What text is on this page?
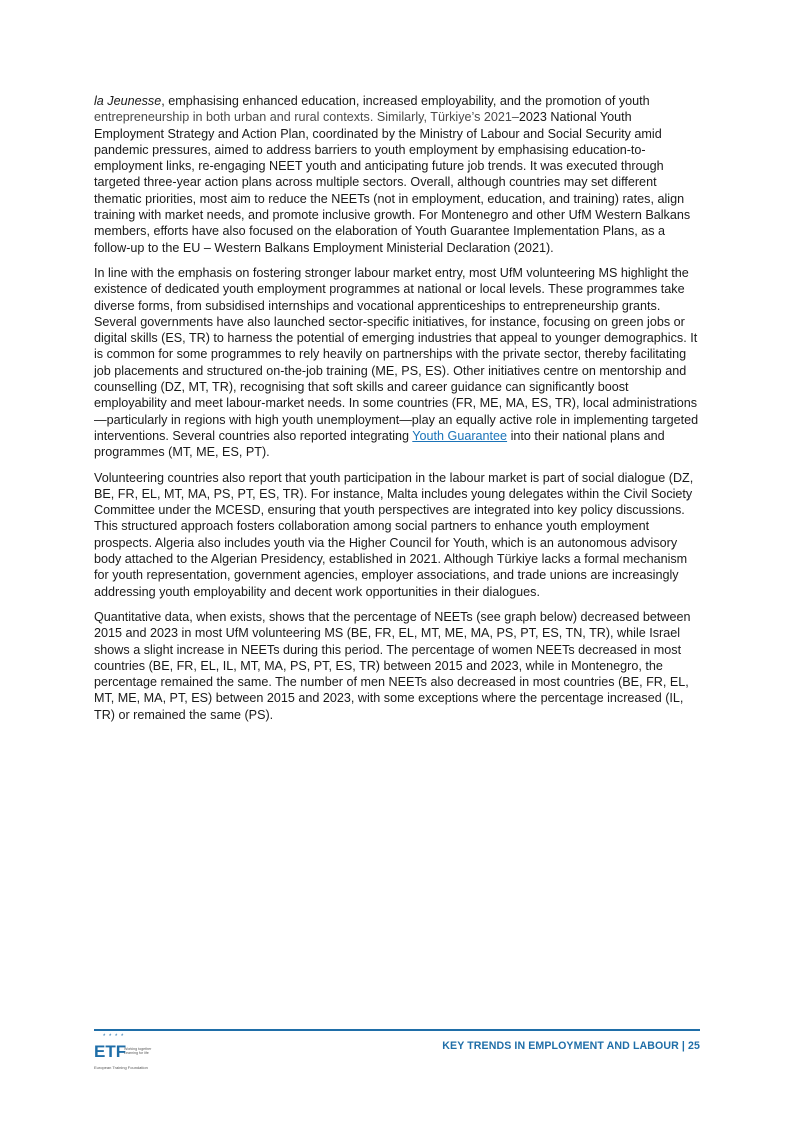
la Jeunesse, emphasising enhanced education, increased employability, and the promotion of youth entrepreneurship in both urban and rural contexts. Similarly, Türkiye’s 2021–2023 National Youth Employment Strategy and Action Plan, coordinated by the Ministry of Labour and Social Security amid pandemic pressures, aimed to address barriers to youth employment by emphasising education-to-employment links, re-engaging NEET youth and anticipating future job trends. It was executed through targeted three-year action plans across multiple sectors. Overall, although countries may set different thematic priorities, most aim to reduce the NEETs (not in employment, education, and training) rates, align training with market needs, and promote inclusive growth. For Montenegro and other UfM Western Balkans members, efforts have also focused on the elaboration of Youth Guarantee Implementation Plans, as a follow-up to the EU – Western Balkans Employment Ministerial Declaration (2021).

In line with the emphasis on fostering stronger labour market entry, most UfM volunteering MS highlight the existence of dedicated youth employment programmes at national or local levels. These programmes take diverse forms, from subsidised internships and vocational apprenticeships to entrepreneurship grants. Several governments have also launched sector-specific initiatives, for instance, focusing on green jobs or digital skills (ES, TR) to harness the potential of emerging industries that appeal to younger demographics. It is common for some programmes to rely heavily on partnerships with the private sector, thereby facilitating job placements and structured on-the-job training (ME, PS, ES). Other initiatives centre on mentorship and counselling (DZ, MT, TR), recognising that soft skills and career guidance can significantly boost employability and meet labour-market needs. In some countries (FR, ME, MA, ES, TR), local administrations—particularly in regions with high youth unemployment—play an equally active role in implementing targeted interventions. Several countries also reported integrating Youth Guarantee into their national plans and programmes (MT, ME, ES, PT).

Volunteering countries also report that youth participation in the labour market is part of social dialogue (DZ, BE, FR, EL, MT, MA, PS, PT, ES, TR). For instance, Malta includes young delegates within the Civil Society Committee under the MCESD, ensuring that youth perspectives are integrated into key policy discussions. This structured approach fosters collaboration among social partners to enhance youth employment prospects. Algeria also includes youth via the Higher Council for Youth, which is an autonomous advisory body attached to the Algerian Presidency, established in 2021. Although Türkiye lacks a formal mechanism for youth representation, government agencies, employer associations, and trade unions are increasingly addressing youth employability and decent work opportunities in their dialogues.

Quantitative data, when exists, shows that the percentage of NEETs (see graph below) decreased between 2015 and 2023 in most UfM volunteering MS (BE, FR, EL, MT, ME, MA, PS, PT, ES, TN, TR), while Israel shows a slight increase in NEETs during this period. The percentage of women NEETs decreased in most countries (BE, FR, EL, IL, MT, MA, PS, PT, ES, TR) between 2015 and 2023, while in Montenegro, the percentage remained the same. The number of men NEETs also decreased in most countries (BE, FR, EL, MT, ME, MA, PT, ES) between 2015 and 2023, with some exceptions where the percentage increased (IL, TR) or remained the same (PS).

* * * *
ETF
Working together Learning for life
European Training Foundation
KEY TRENDS IN EMPLOYMENT AND LABOUR | 25
